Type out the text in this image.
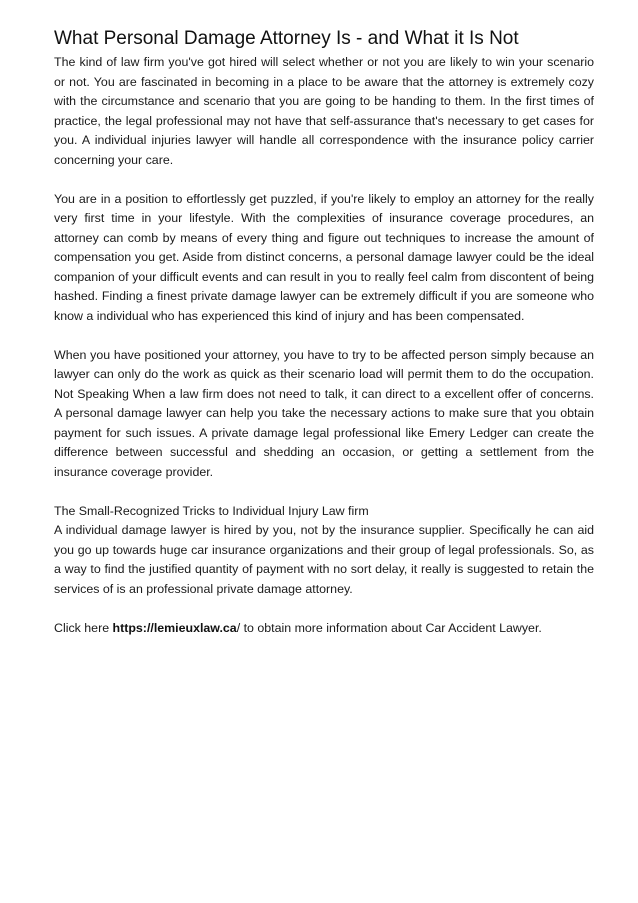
What Personal Damage Attorney Is - and What it Is Not

The kind of law firm you've got hired will select whether or not you are likely to win your scenario or not. You are fascinated in becoming in a place to be aware that the attorney is extremely cozy with the circumstance and scenario that you are going to be handing to them. In the first times of practice, the legal professional may not have that self-assurance that's necessary to get cases for you. A individual injuries lawyer will handle all correspondence with the insurance policy carrier concerning your care.

You are in a position to effortlessly get puzzled, if you're likely to employ an attorney for the really very first time in your lifestyle. With the complexities of insurance coverage procedures, an attorney can comb by means of every thing and figure out techniques to increase the amount of compensation you get. Aside from distinct concerns, a personal damage lawyer could be the ideal companion of your difficult events and can result in you to really feel calm from discontent of being hashed. Finding a finest private damage lawyer can be extremely difficult if you are someone who know a individual who has experienced this kind of injury and has been compensated.

When you have positioned your attorney, you have to try to be affected person simply because an lawyer can only do the work as quick as their scenario load will permit them to do the occupation. Not Speaking When a law firm does not need to talk, it can direct to a excellent offer of concerns. A personal damage lawyer can help you take the necessary actions to make sure that you obtain payment for such issues. A private damage legal professional like Emery Ledger can create the difference between successful and shedding an occasion, or getting a settlement from the insurance coverage provider.

The Small-Recognized Tricks to Individual Injury Law firm

A individual damage lawyer is hired by you, not by the insurance supplier. Specifically he can aid you go up towards huge car insurance organizations and their group of legal professionals. So, as a way to find the justified quantity of payment with no sort delay, it really is suggested to retain the services of is an professional private damage attorney.

Click here https://lemieuxlaw.ca/ to obtain more information about Car Accident Lawyer.
